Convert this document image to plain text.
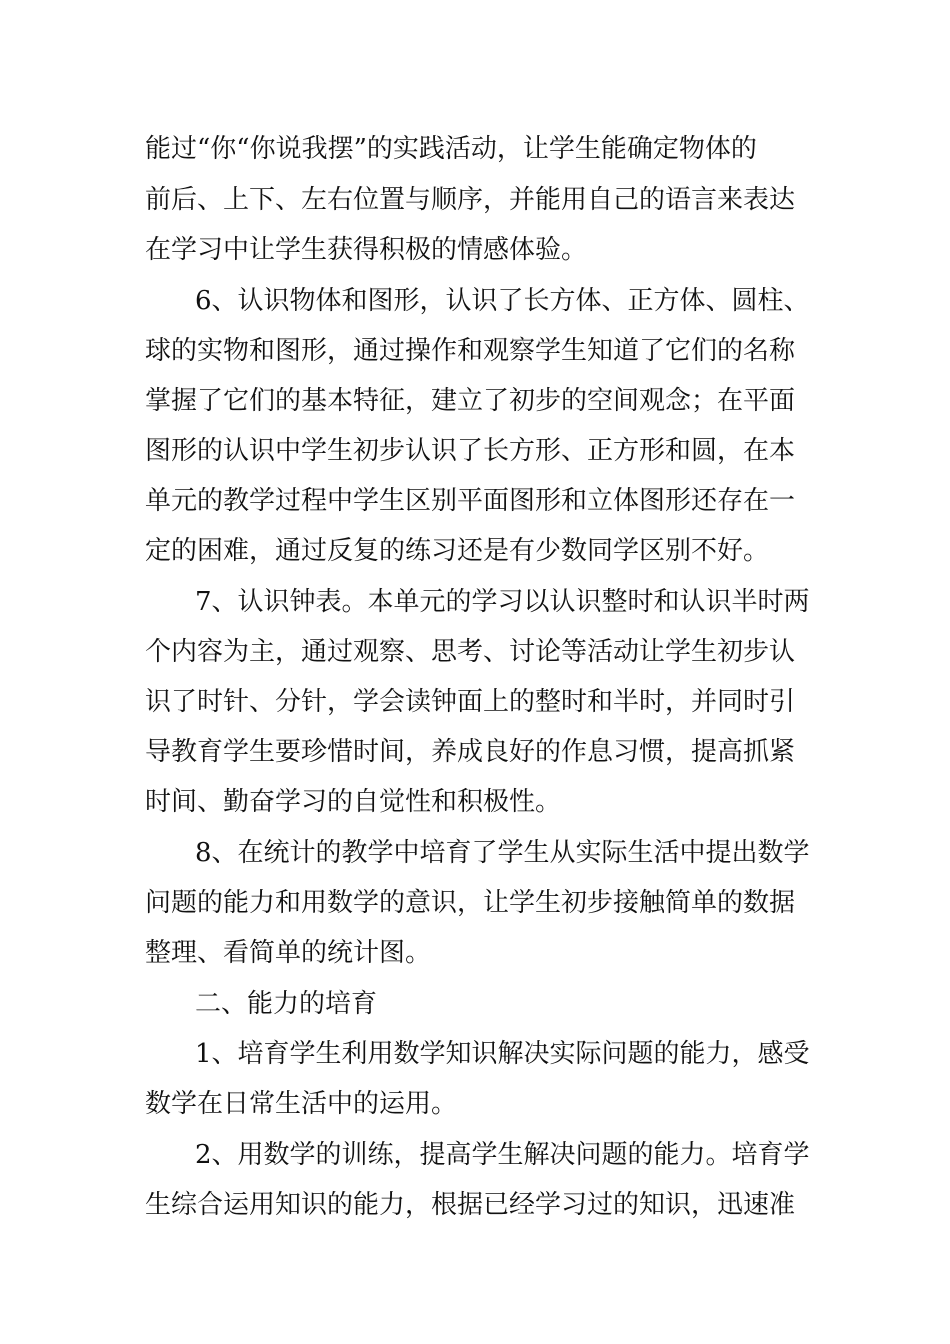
能过“你“你说我摆”的实践活动，让学生能确定物体的
前后、上下、左右位置与顺序，并能用自己的语言来表达
在学习中让学生获得积极的情感体验。
6、认识物体和图形，认识了长方体、正方体、圆柱、
球的实物和图形，通过操作和观察学生知道了它们的名称
掌握了它们的基本特征，建立了初步的空间观念；在平面
图形的认识中学生初步认识了长方形、正方形和圆，在本
单元的教学过程中学生区别平面图形和立体图形还存在一
定的困难，通过反复的练习还是有少数同学区别不好。
7、认识钟表。本单元的学习以认识整时和认识半时两
个内容为主，通过观察、思考、讨论等活动让学生初步认
识了时针、分针，学会读钟面上的整时和半时，并同时引
导教育学生要珍惜时间，养成良好的作息习惯，提高抓紧
时间、勤奋学习的自觉性和积极性。
8、在统计的教学中培育了学生从实际生活中提出数学
问题的能力和用数学的意识，让学生初步接触简单的数据
整理、看简单的统计图。
二、能力的培育
1、培育学生利用数学知识解决实际问题的能力，感受
数学在日常生活中的运用。
2、用数学的训练，提高学生解决问题的能力。培育学
生综合运用知识的能力，根据已经学习过的知识，迅速准
